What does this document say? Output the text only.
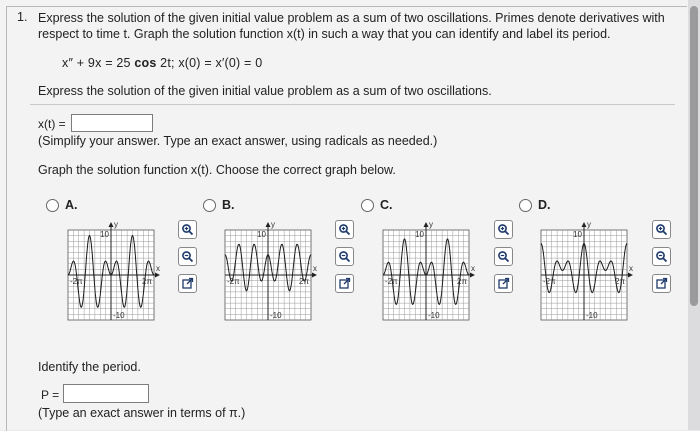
1. Express the solution of the given initial value problem as a sum of two oscillations. Primes denote derivatives with respect to time t. Graph the solution function x(t) in such a way that you can identify and label its period.
x″ + 9x = 25 cos 2t; x(0) = x′(0) = 0
Express the solution of the given initial value problem as a sum of two oscillations.
x(t) =
(Simplify your answer. Type an exact answer, using radicals as needed.)
Graph the solution function x(t). Choose the correct graph below.
A.	B.	C.	D.
10
-10
-2π	2π
y
x
10
-10
-2π	2π
y
x
10
-10
-2π	2π
y
x
10
-10
-2π	2π
y
x
Identify the period.
P =
(Type an exact answer in terms of π.)
